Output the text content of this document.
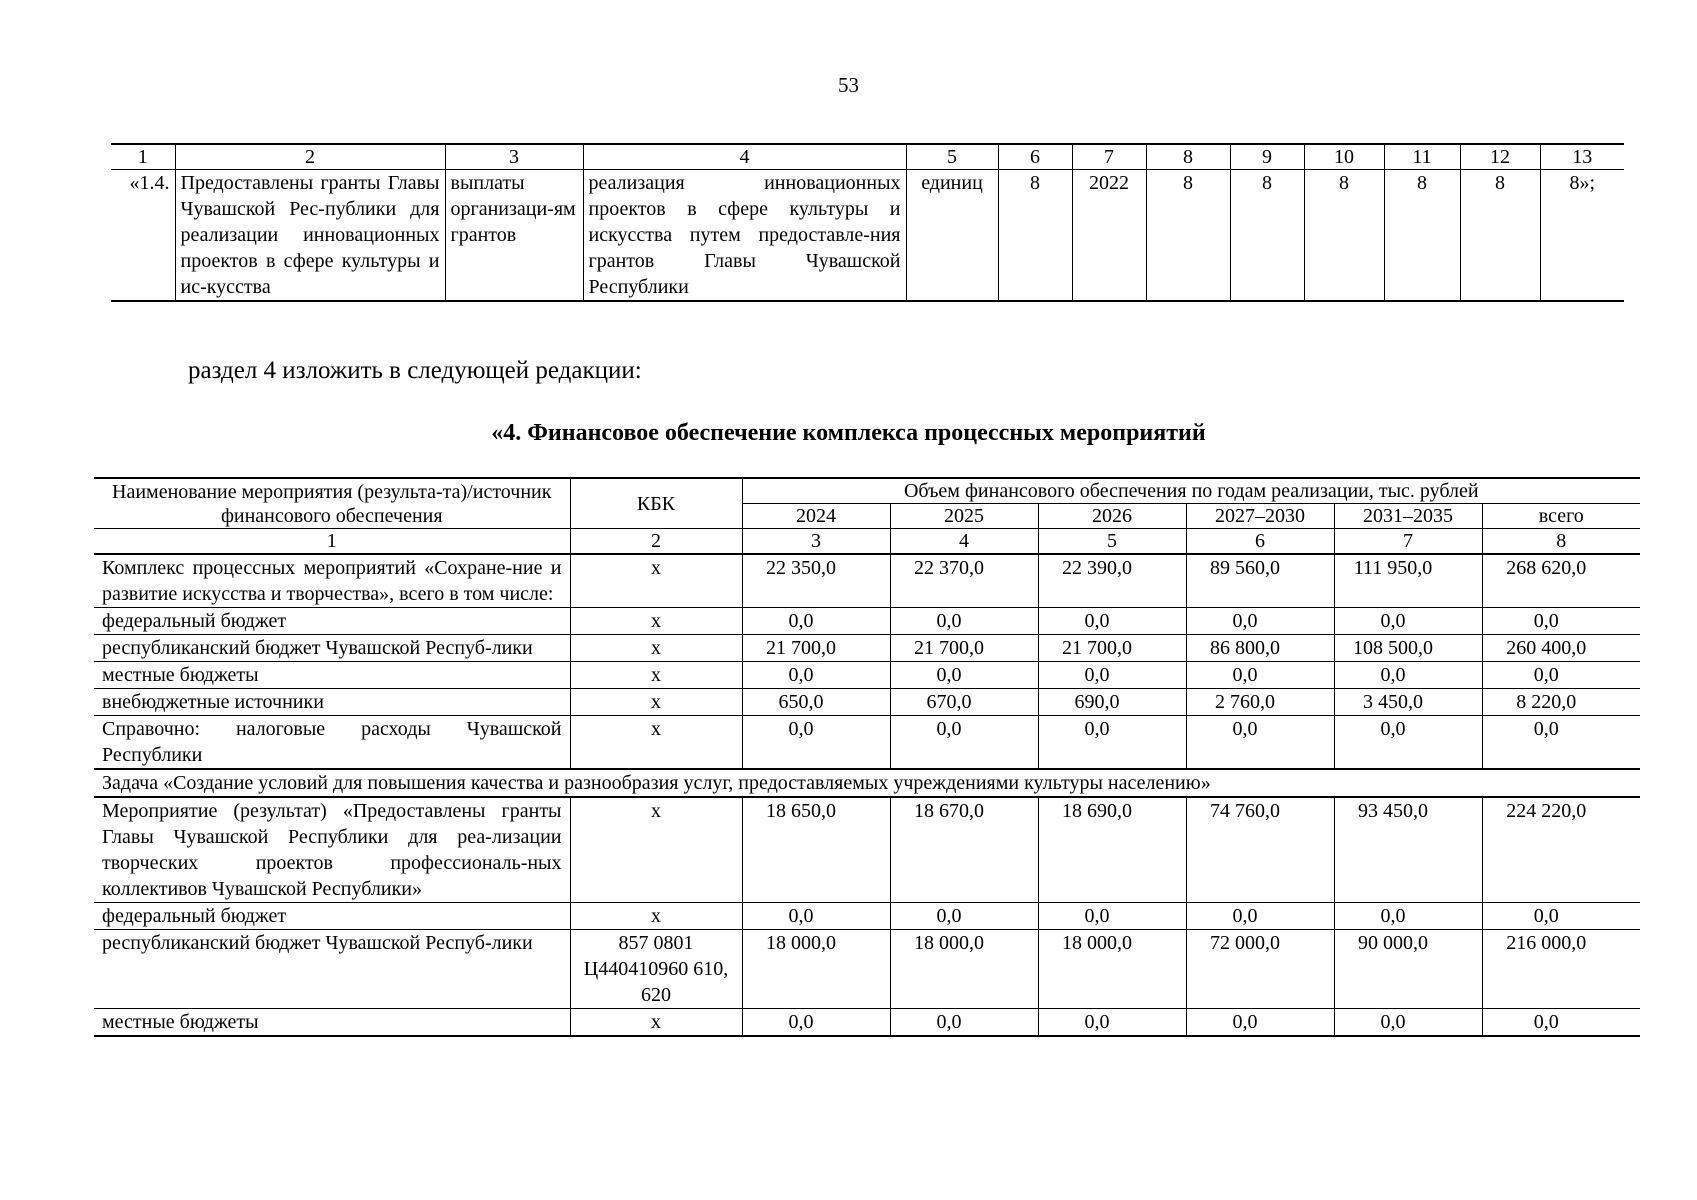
53
1	2	3	4	5	6	7	8	9	10	11	12	13
«1.4.	Предоставлены гранты Главы Чувашской Рес-публики для реализации инновационных проектов в сфере культуры и ис-кусства	выплаты организаци-ям грантов	реализация инновационных проектов в сфере культуры и искусства путем предоставле-ния грантов Главы Чувашской Республики	единиц	8	2022	8	8	8	8	8	8»;
раздел 4 изложить в следующей редакции:
«4. Финансовое обеспечение комплекса процессных мероприятий
Наименование мероприятия (результа-та)/источник финансового обеспечения	КБК	Объем финансового обеспечения по годам реализации, тыс. рублей					
		2024	2025	2026	2027–2030	2031–2035	всего
1	2	3	4	5	6	7	8
Комплекс процессных мероприятий «Сохране-ние и развитие искусства и творчества», всего в том числе:	x	22 350,0	22 370,0	22 390,0	89 560,0	111 950,0	268 620,0
федеральный бюджет	x	0,0	0,0	0,0	0,0	0,0	0,0
республиканский бюджет Чувашской Респуб-лики	x	21 700,0	21 700,0	21 700,0	86 800,0	108 500,0	260 400,0
местные бюджеты	x	0,0	0,0	0,0	0,0	0,0	0,0
внебюджетные источники	x	650,0	670,0	690,0	2 760,0	3 450,0	8 220,0
Справочно: налоговые расходы Чувашской Республики	x	0,0	0,0	0,0	0,0	0,0	0,0
Задача «Создание условий для повышения качества и разнообразия услуг, предоставляемых учреждениями культуры населению»							
Мероприятие (результат) «Предоставлены гранты Главы Чувашской Республики для реа-лизации творческих проектов профессиональ-ных коллективов Чувашской Республики»	x	18 650,0	18 670,0	18 690,0	74 760,0	93 450,0	224 220,0
федеральный бюджет	x	0,0	0,0	0,0	0,0	0,0	0,0
республиканский бюджет Чувашской Респуб-лики	857 0801 Ц440410960 610, 620	18 000,0	18 000,0	18 000,0	72 000,0	90 000,0	216 000,0
местные бюджеты	x	0,0	0,0	0,0	0,0	0,0	0,0
